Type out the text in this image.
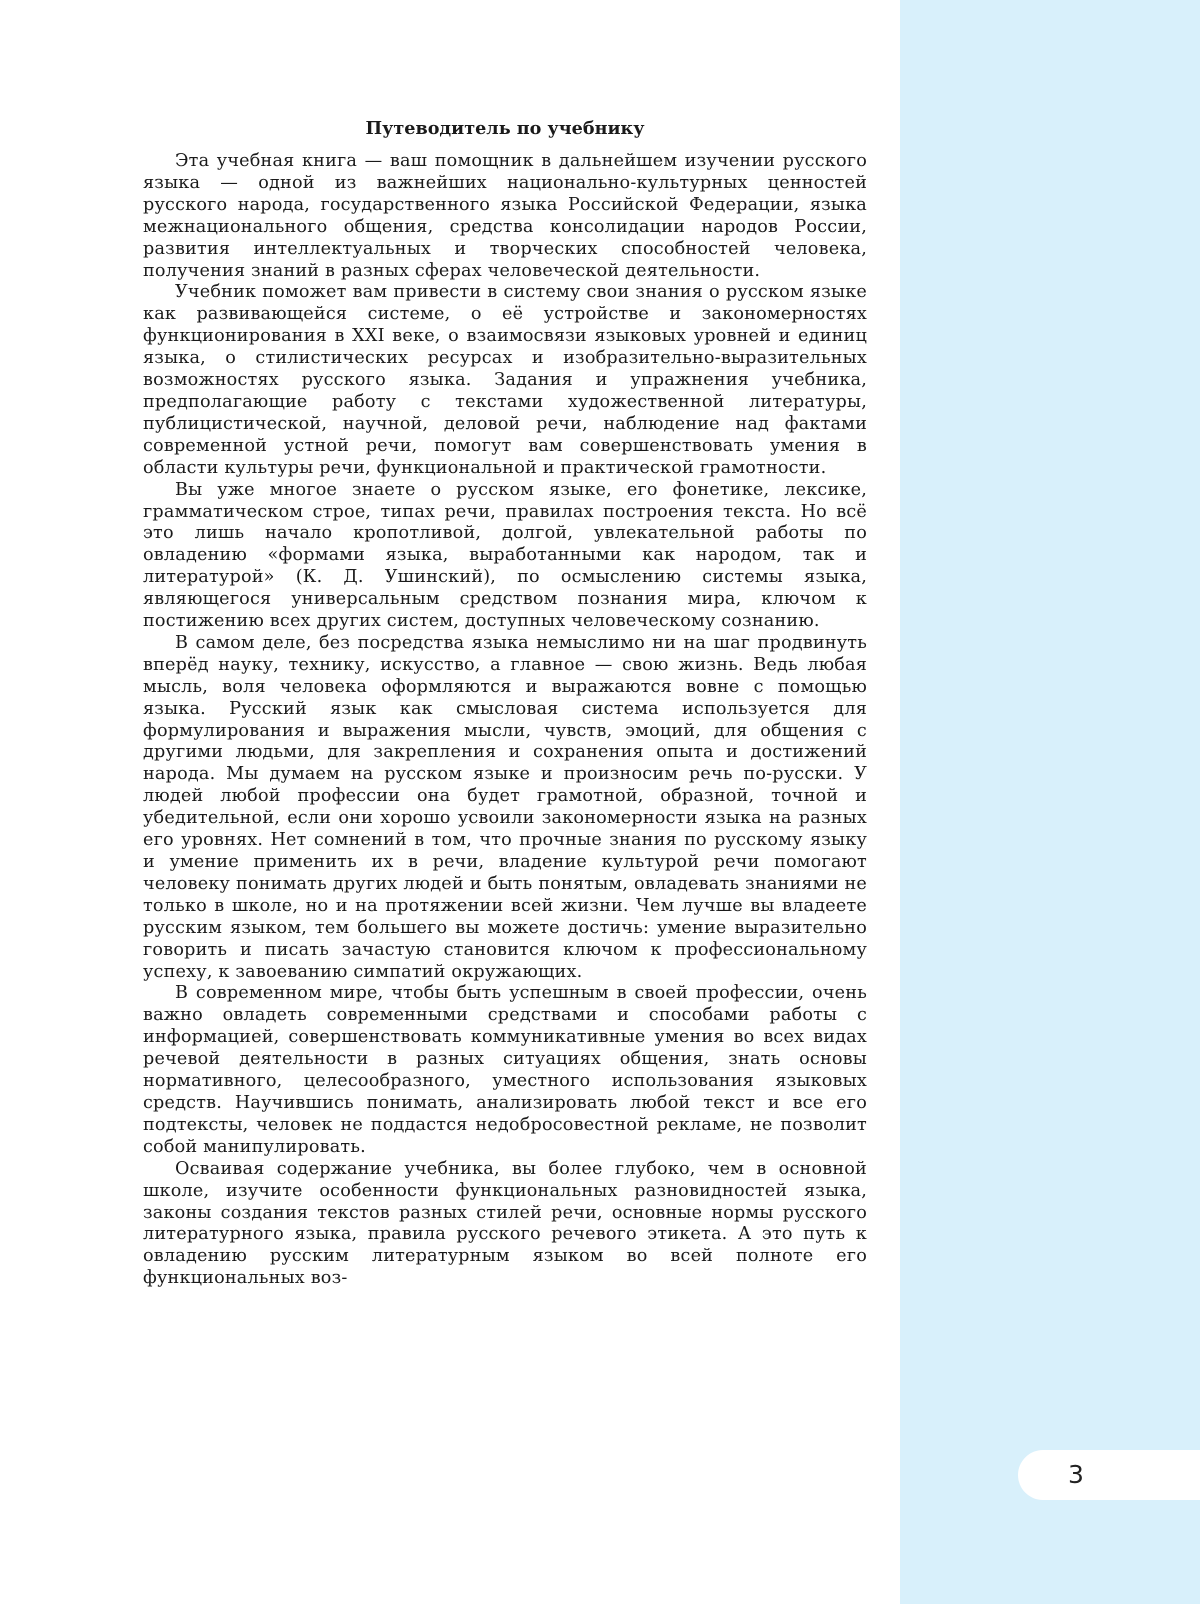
3
Путеводитель по учебнику

Эта учебная книга — ваш помощник в дальнейшем изучении русского языка — одной из важнейших национально-культурных ценностей русского народа, государственного языка Российской Федерации, языка межнационального общения, средства консолидации народов России, развития интеллектуальных и творческих способностей человека, получения знаний в разных сферах человеческой деятельности.

Учебник поможет вам привести в систему свои знания о русском языке как развивающейся системе, о её устройстве и закономерностях функционирования в XXI веке, о взаимосвязи языковых уровней и единиц языка, о стилистических ресурсах и изобразительно-выразительных возможностях русского языка. Задания и упражнения учебника, предполагающие работу с текстами художественной литературы, публицистической, научной, деловой речи, наблюдение над фактами современной устной речи, помогут вам совершенствовать умения в области культуры речи, функциональной и практической грамотности.

Вы уже многое знаете о русском языке, его фонетике, лексике, грамматическом строе, типах речи, правилах построения текста. Но всё это лишь начало кропотливой, долгой, увлекательной работы по овладению «формами языка, выработанными как народом, так и литературой» (К. Д. Ушинский), по осмыслению системы языка, являющегося универсальным средством познания мира, ключом к постижению всех других систем, доступных человеческому сознанию.

В самом деле, без посредства языка немыслимо ни на шаг продвинуть вперёд науку, технику, искусство, а главное — свою жизнь. Ведь любая мысль, воля человека оформляются и выражаются вовне с помощью языка. Русский язык как смысловая система используется для формулирования и выражения мысли, чувств, эмоций, для общения с другими людьми, для закрепления и сохранения опыта и достижений народа. Мы думаем на русском языке и произносим речь по-русски. У людей любой профессии она будет грамотной, образной, точной и убедительной, если они хорошо усвоили закономерности языка на разных его уровнях. Нет сомнений в том, что прочные знания по русскому языку и умение применить их в речи, владение культурой речи помогают человеку понимать других людей и быть понятым, овладевать знаниями не только в школе, но и на протяжении всей жизни. Чем лучше вы владеете русским языком, тем большего вы можете достичь: умение выразительно говорить и писать зачастую становится ключом к профессиональному успеху, к завоеванию симпатий окружающих.

В современном мире, чтобы быть успешным в своей профессии, очень важно овладеть современными средствами и способами работы с информацией, совершенствовать коммуникативные умения во всех видах речевой деятельности в разных ситуациях общения, знать основы нормативного, целесообразного, уместного использования языковых средств. Научившись понимать, анализировать любой текст и все его подтексты, человек не поддастся недобросовестной рекламе, не позволит собой манипулировать.

Осваивая содержание учебника, вы более глубоко, чем в основной школе, изучите особенности функциональных разновидностей языка, законы создания текстов разных стилей речи, основные нормы русского литературного языка, правила русского речевого этикета. А это путь к овладению русским литературным языком во всей полноте его функциональных воз-
